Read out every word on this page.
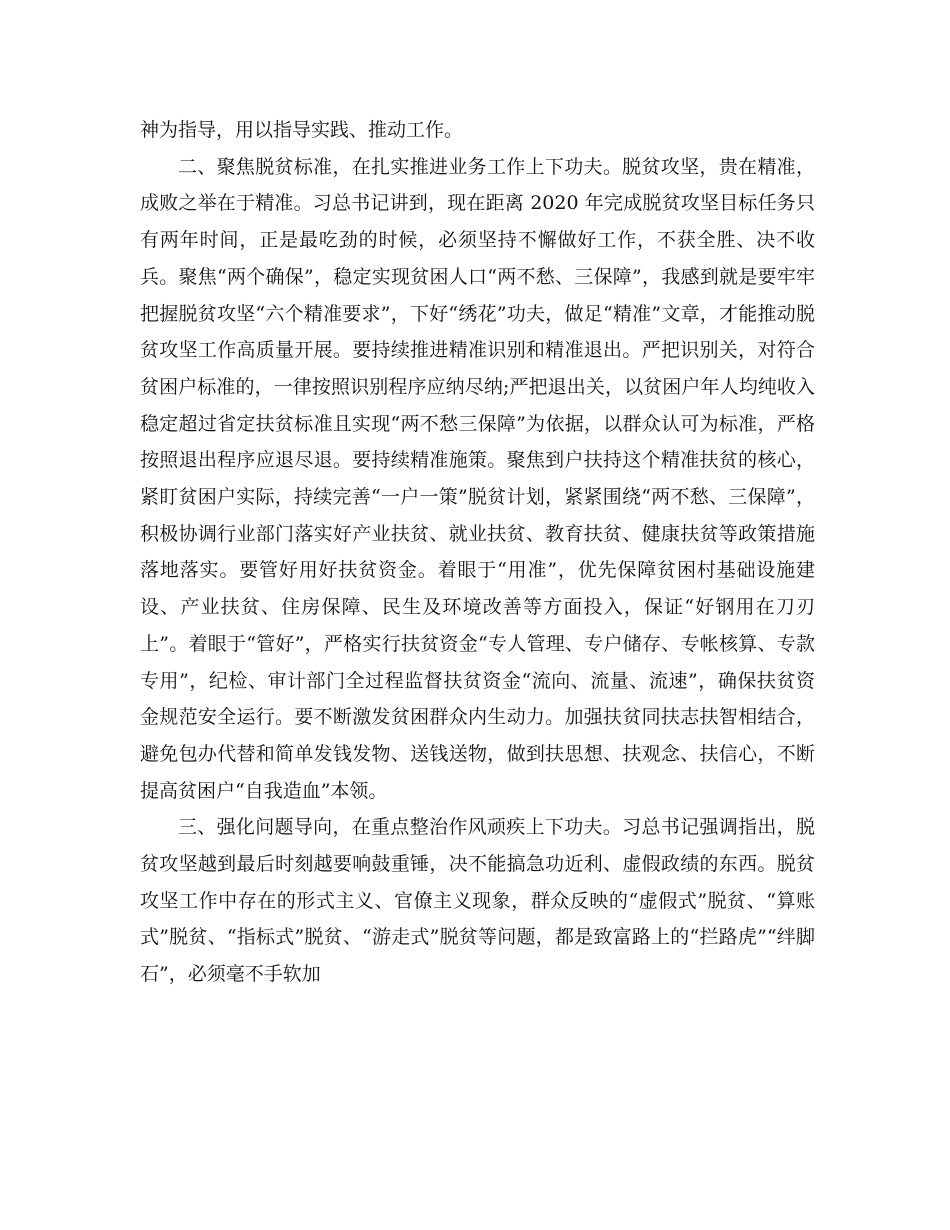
神为指导，用以指导实践、推动工作。

二、聚焦脱贫标准，在扎实推进业务工作上下功夫。脱贫攻坚，贵在精准，成败之举在于精准。习总书记讲到，现在距离 2020 年完成脱贫攻坚目标任务只有两年时间，正是最吃劲的时候，必须坚持不懈做好工作，不获全胜、决不收兵。聚焦“两个确保”，稳定实现贫困人口“两不愁、三保障”，我感到就是要牢牢把握脱贫攻坚“六个精准要求”，下好“绣花”功夫，做足“精准”文章，才能推动脱贫攻坚工作高质量开展。要持续推进精准识别和精准退出。严把识别关，对符合贫困户标准的，一律按照识别程序应纳尽纳;严把退出关，以贫困户年人均纯收入稳定超过省定扶贫标准且实现“两不愁三保障”为依据，以群众认可为标准，严格按照退出程序应退尽退。要持续精准施策。聚焦到户扶持这个精准扶贫的核心，紧盯贫困户实际，持续完善“一户一策”脱贫计划，紧紧围绕“两不愁、三保障”， 积极协调行业部门落实好产业扶贫、就业扶贫、教育扶贫、健康扶贫等政策措施落地落实。要管好用好扶贫资金。着眼于“用准”，优先保障贫困村基础设施建设、产业扶贫、住房保障、民生及环境改善等方面投入，保证“好钢用在刀刃上”。着眼于“管好”，严格实行扶贫资金“专人管理、专户储存、专帐核算、专款专用”，纪检、审计部门全过程监督扶贫资金“流向、流量、流速”，确保扶贫资金规范安全运行。要不断激发贫困群众内生动力。加强扶贫同扶志扶智相结合，避免包办代替和简单发钱发物、送钱送物，做到扶思想、扶观念、扶信心，不断提高贫困户“自我造血”本领。

三、强化问题导向，在重点整治作风顽疾上下功夫。习总书记强调指出，脱贫攻坚越到最后时刻越要响鼓重锤，决不能搞急功近利、虚假政绩的东西。脱贫攻坚工作中存在的形式主义、官僚主义现象，群众反映的“虚假式”脱贫、“算账式”脱贫、“指标式”脱贫、“游走式”脱贫等问题，都是致富路上的“拦路虎”“绊脚石”，必须毫不手软加
